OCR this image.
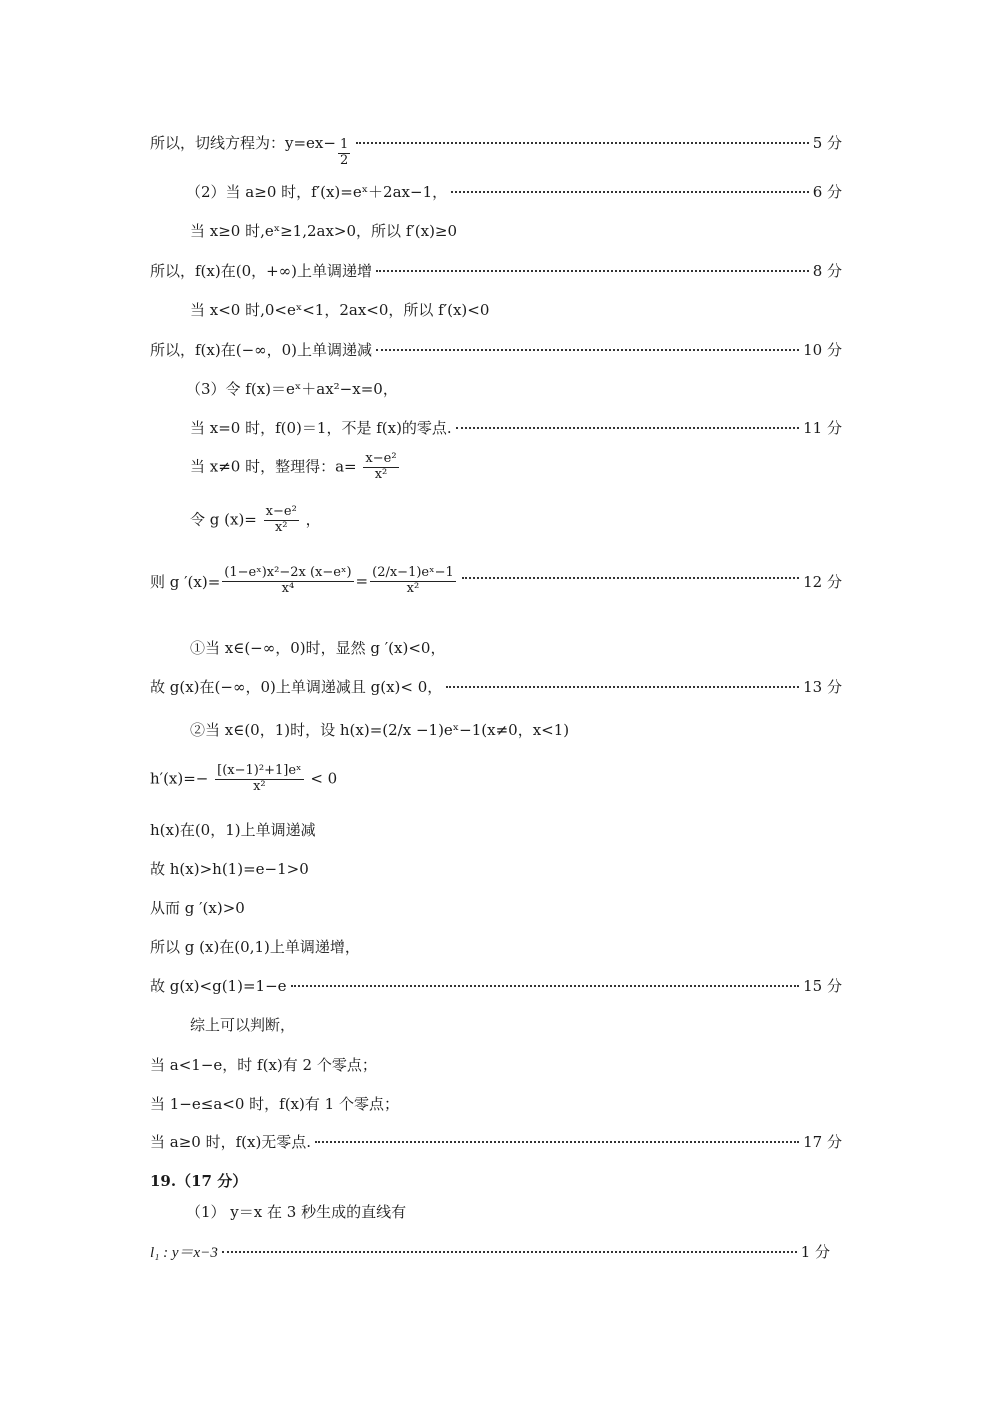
所以，切线方程为：$y=ex- \frac{1}{2}$	5 分
（2）当 a≥0 时，f′(x)=eˣ＋2ax−1，	6 分
当 x≥0 时,eˣ≥1,2ax>0，所以 f′(x)≥0
所以，f(x)在(0，+∞)上单调递增	8 分
当 x<0 时,0<eˣ<1，2ax<0，所以 f′(x)<0
所以，f(x)在(−∞，0)上单调递减	10 分
（3）令 f(x)＝eˣ＋ax²−x=0，
当 x=0 时，f(0)＝1，不是 f(x)的零点.	11 分
当 x≠0 时，整理得：$a= \frac{\text{x−e²}}{\text{x²}}$
令 g $(x)= \frac{\text{x−e²}}{\text{x²}}$ ，
则 g $'(x)= \frac{\text{(1−eˣ)x²−2x (x−eˣ)}}{\text{x⁴}} = \frac{\text{(2/x−1)eˣ−1}}{\text{x²}}$	12 分
①当 x∈(−∞，0)时，显然 g ′(x)<0，
故 g(x)在(−∞，0)上单调递减且 g(x)< 0，	13 分
②当 x∈(0，1)时，设 h(x)=(2/x −1)eˣ−1(x≠0，x<1)
$h'(x)=- \frac{\text{[(x−1)²+1]eˣ}}{\text{x²}} < 0$
h(x)在(0，1)上单调递减
故 h(x)>h(1)=e−1>0
从而 g ′(x)>0
所以 g (x)在(0,1)上单调递增，
故 g(x)<g(1)=1−e	15 分
综上可以判断，
当 a<1−e，时 f(x)有 2 个零点；
当 1−e≤a<0 时，f(x)有 1 个零点；
当 a≥0 时，f(x)无零点.	17 分
19.（17 分）
（1） y＝x 在 3 秒生成的直线有
l₁ : y＝x−3	1 分
